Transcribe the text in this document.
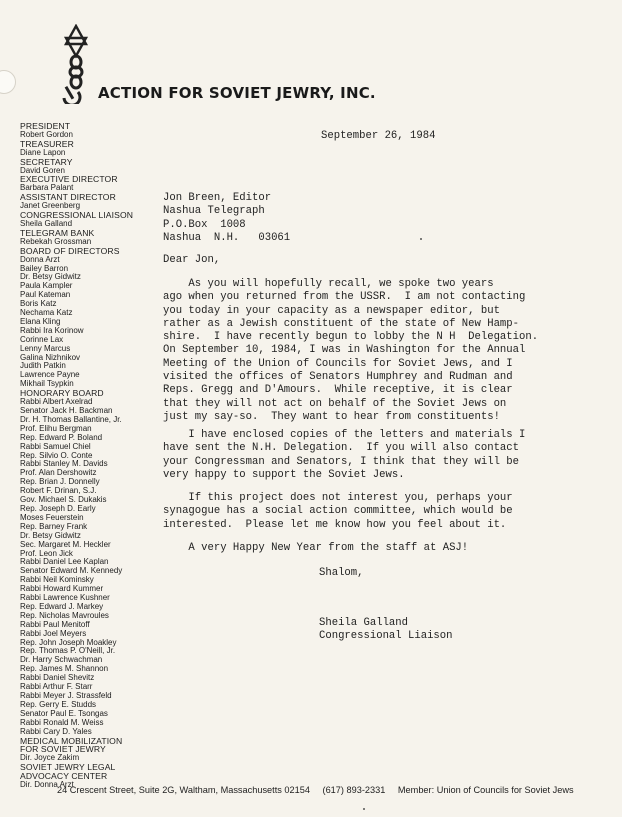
ACTION FOR SOVIET JEWRY, INC.
PRESIDENT
Robert Gordon
TREASURER
Diane Lapon
SECRETARY
David Goren
EXECUTIVE DIRECTOR
Barbara Palant
ASSISTANT DIRECTOR
Janet Greenberg
CONGRESSIONAL LIAISON
Sheila Galland
TELEGRAM BANK
Rebekah Grossman
BOARD OF DIRECTORS
Donna Arzt
Bailey Barron
Dr. Betsy Gidwitz
Paula Kampler
Paul Kateman
Boris Katz
Nechama Katz
Elana Kling
Rabbi Ira Korinow
Corinne Lax
Lenny Marcus
Galina Nizhnikov
Judith Patkin
Lawrence Payne
Mikhail Tsypkin
HONORARY BOARD
Rabbi Albert Axelrad
Senator Jack H. Backman
Dr. H. Thomas Ballantine, Jr.
Prof. Elihu Bergman
Rep. Edward P. Boland
Rabbi Samuel Chiel
Rep. Silvio O. Conte
Rabbi Stanley M. Davids
Prof. Alan Dershowitz
Rep. Brian J. Donnelly
Robert F. Drinan, S.J.
Gov. Michael S. Dukakis
Rep. Joseph D. Early
Moses Feuerstein
Rep. Barney Frank
Dr. Betsy Gidwitz
Sec. Margaret M. Heckler
Prof. Leon Jick
Rabbi Daniel Lee Kaplan
Senator Edward M. Kennedy
Rabbi Neil Kominsky
Rabbi Howard Kummer
Rabbi Lawrence Kushner
Rep. Edward J. Markey
Rep. Nicholas Mavroules
Rabbi Paul Menitoff
Rabbi Joel Meyers
Rep. John Joseph Moakley
Rep. Thomas P. O'Neill, Jr.
Dr. Harry Schwachman
Rep. James M. Shannon
Rabbi Daniel Shevitz
Rabbi Arthur F. Starr
Rabbi Meyer J. Strassfeld
Rep. Gerry E. Studds
Senator Paul E. Tsongas
Rabbi Ronald M. Weiss
Rabbi Cary D. Yales
MEDICAL MOBILIZATION
FOR SOVIET JEWRY
Dir. Joyce Zakim
SOVIET JEWRY LEGAL
ADVOCACY CENTER
Dir. Donna Arzt
September 26, 1984
Jon Breen, Editor
Nashua Telegraph
P.O.Box  1008
Nashua  N.H.   03061
Dear Jon,
As you will hopefully recall, we spoke two years
ago when you returned from the USSR.  I am not contacting
you today in your capacity as a newspaper editor, but
rather as a Jewish constituent of the state of New Hamp-
shire.  I have recently begun to lobby the N H  Delegation.
On September 10, 1984, I was in Washington for the Annual
Meeting of the Union of Councils for Soviet Jews, and I
visited the offices of Senators Humphrey and Rudman and
Reps. Gregg and D'Amours.  While receptive, it is clear
that they will not act on behalf of the Soviet Jews on
just my say-so.  They want to hear from constituents!
I have enclosed copies of the letters and materials I
have sent the N.H. Delegation.  If you will also contact
your Congressman and Senators, I think that they will be
very happy to support the Soviet Jews.
If this project does not interest you, perhaps your
synagogue has a social action committee, which would be
interested.  Please let me know how you feel about it.
A very Happy New Year from the staff at ASJ!
Shalom,
Sheila Galland
Congressional Liaison
24 Crescent Street, Suite 2G, Waltham, Massachusetts 02154 (617) 893-2331 Member: Union of Councils for Soviet Jews
